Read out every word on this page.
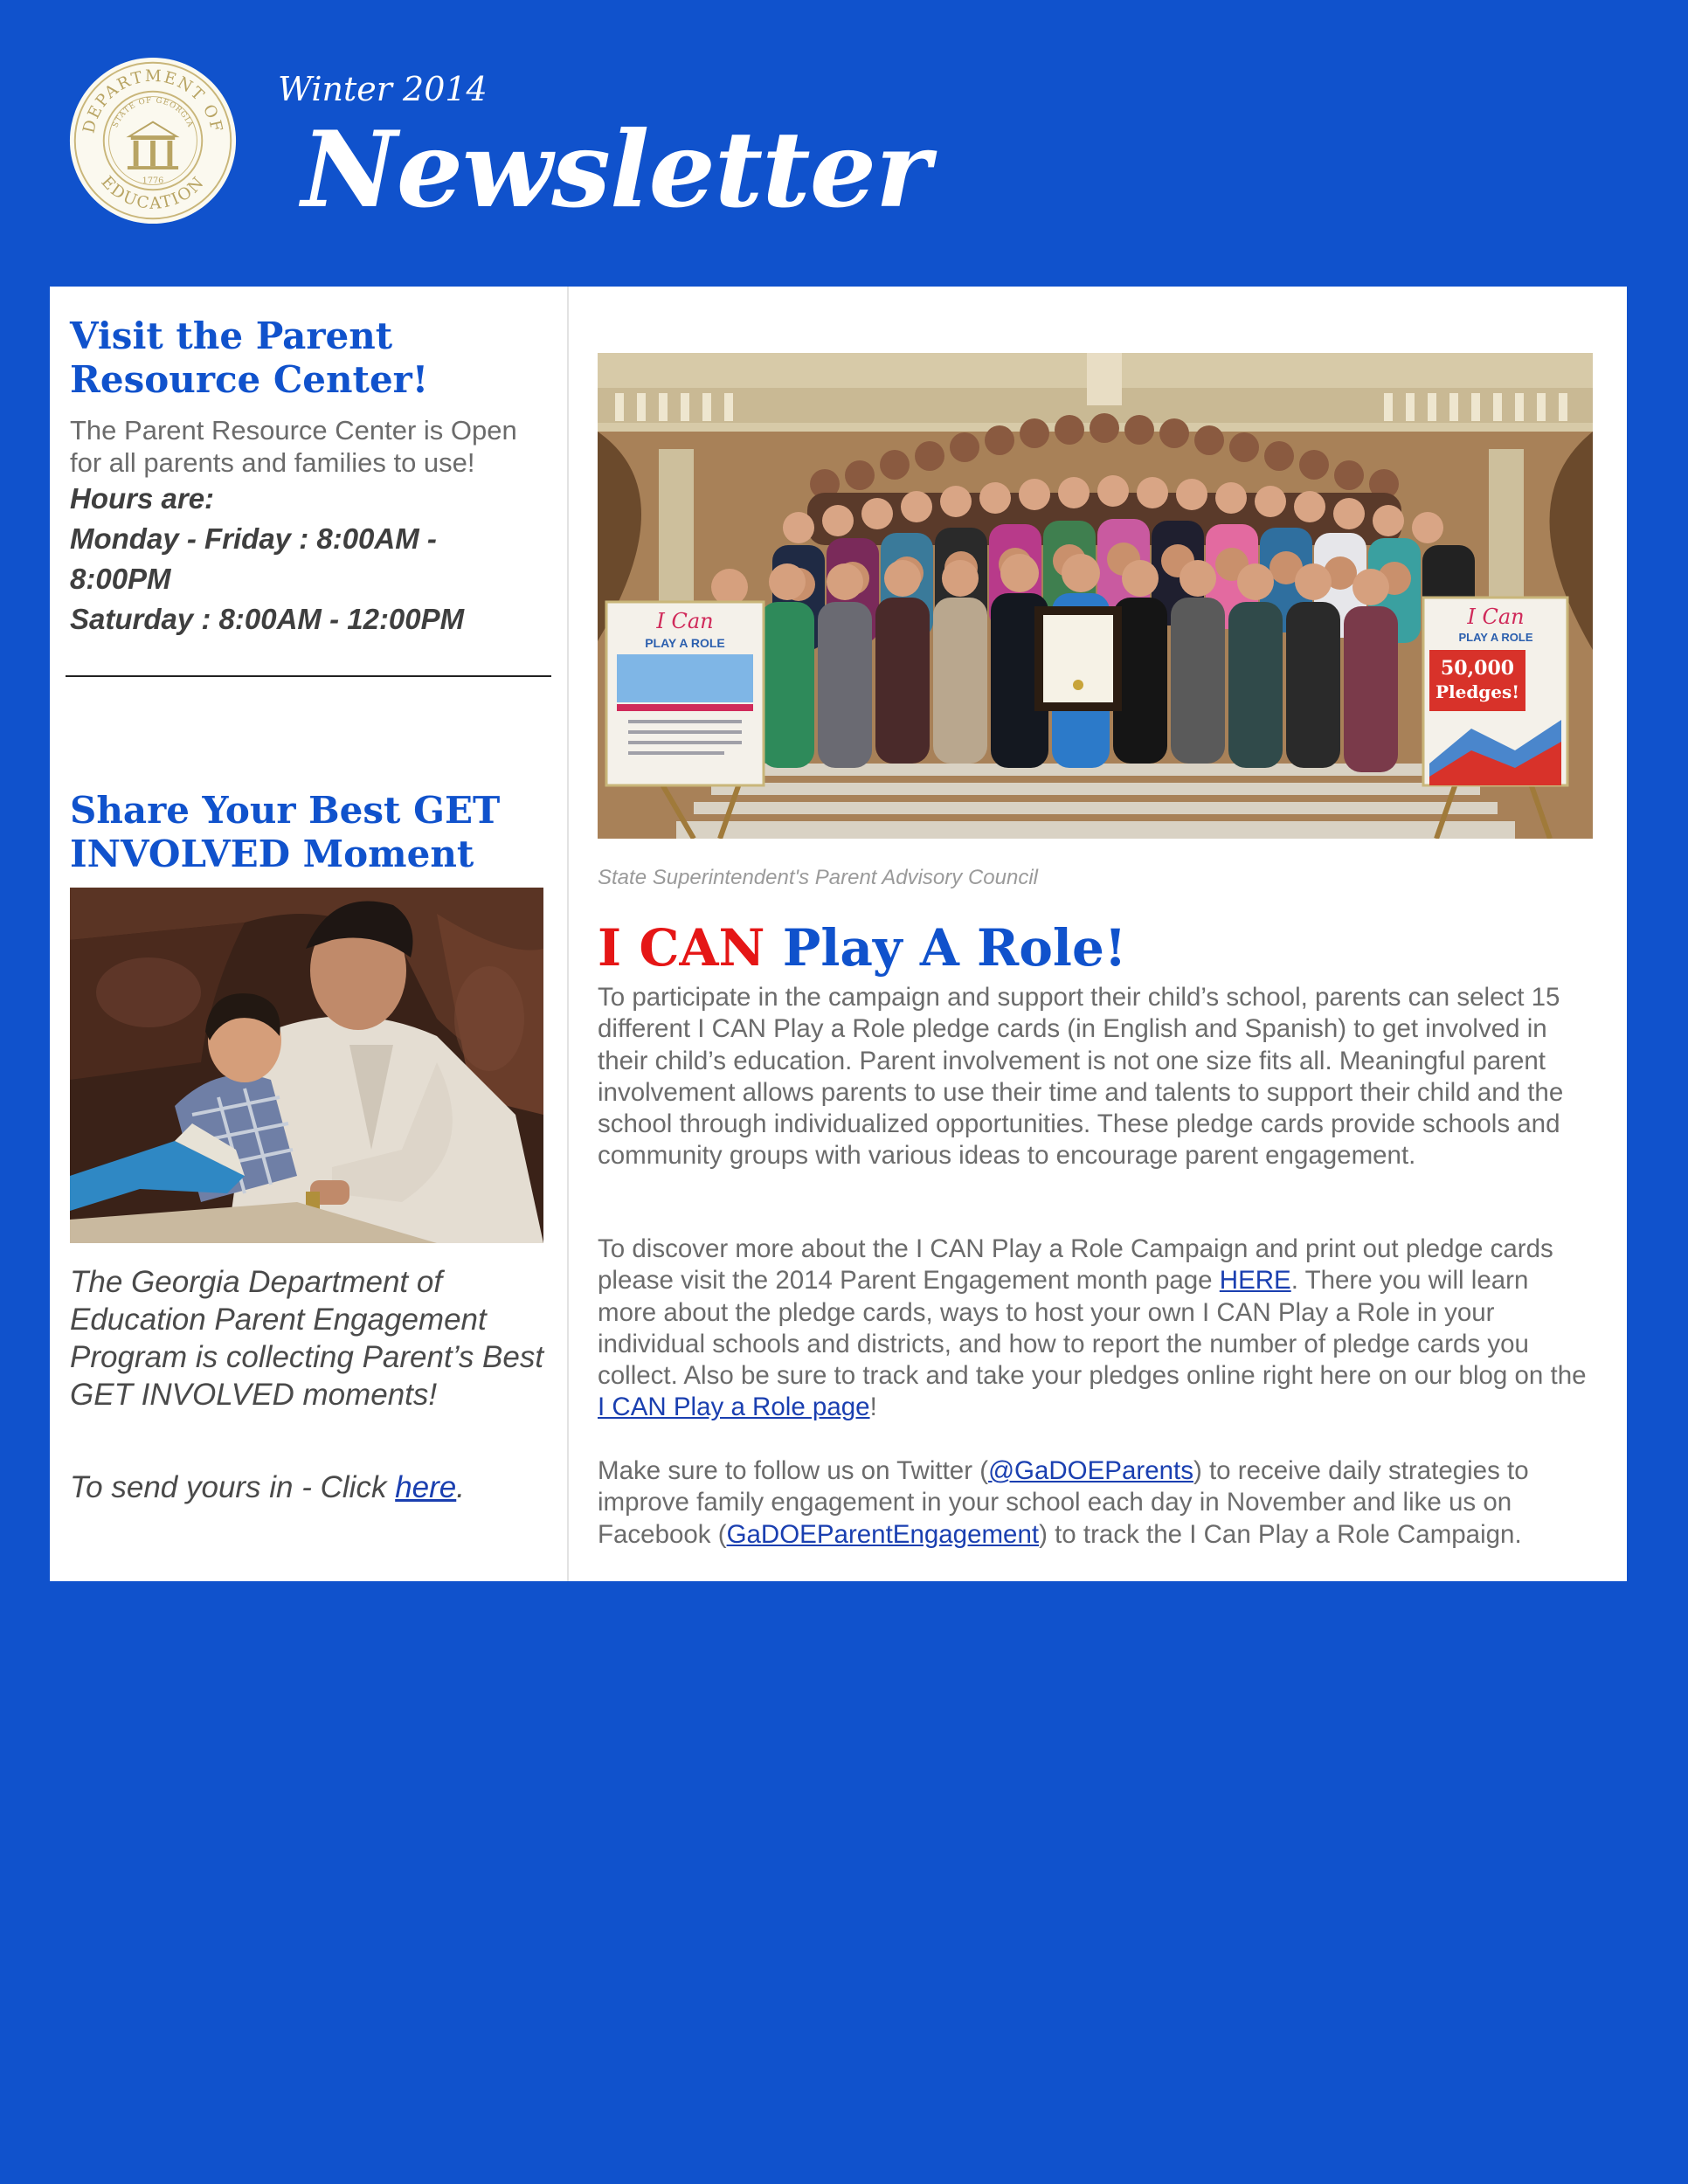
DEPARTMENT OF
EDUCATION
STATE OF GEORGIA
1776
Winter 2014
Newsletter
Visit the Parent Resource Center!

The Parent Resource Center is Open for all parents and families to use!

Hours are:
Monday - Friday : 8:00AM -
8:00PM
Saturday : 8:00AM - 12:00PM
Share Your Best GET INVOLVED Moment

The Georgia Department of Education Parent Engagement Program is collecting Parent’s Best GET INVOLVED moments!

To send yours in - Click here.

I Can
PLAY A ROLE
I Can
PLAY A ROLE
50,000
Pledges!

State Superintendent's Parent Advisory Council

I CAN Play A Role!

To participate in the campaign and support their child’s school, parents can select 15 different I CAN Play a Role pledge cards (in English and Spanish) to get involved in their child’s education. Parent involvement is not one size fits all. Meaningful parent involvement allows parents to use their time and talents to support their child and the school through individualized opportunities. These pledge cards provide schools and community groups with various ideas to encourage parent engagement.

To discover more about the I CAN Play a Role Campaign and print out pledge cards please visit the 2014 Parent Engagement month page HERE. There you will learn more about the pledge cards, ways to host your own I CAN Play a Role in your individual schools and districts, and how to report the number of pledge cards you collect. Also be sure to track and take your pledges online right here on our blog on the I CAN Play a Role page!

Make sure to follow us on Twitter (@GaDOEParents) to receive daily strategies to improve family engagement in your school each day in November and like us on Facebook (GaDOEParentEngagement) to track the I Can Play a Role Campaign.
